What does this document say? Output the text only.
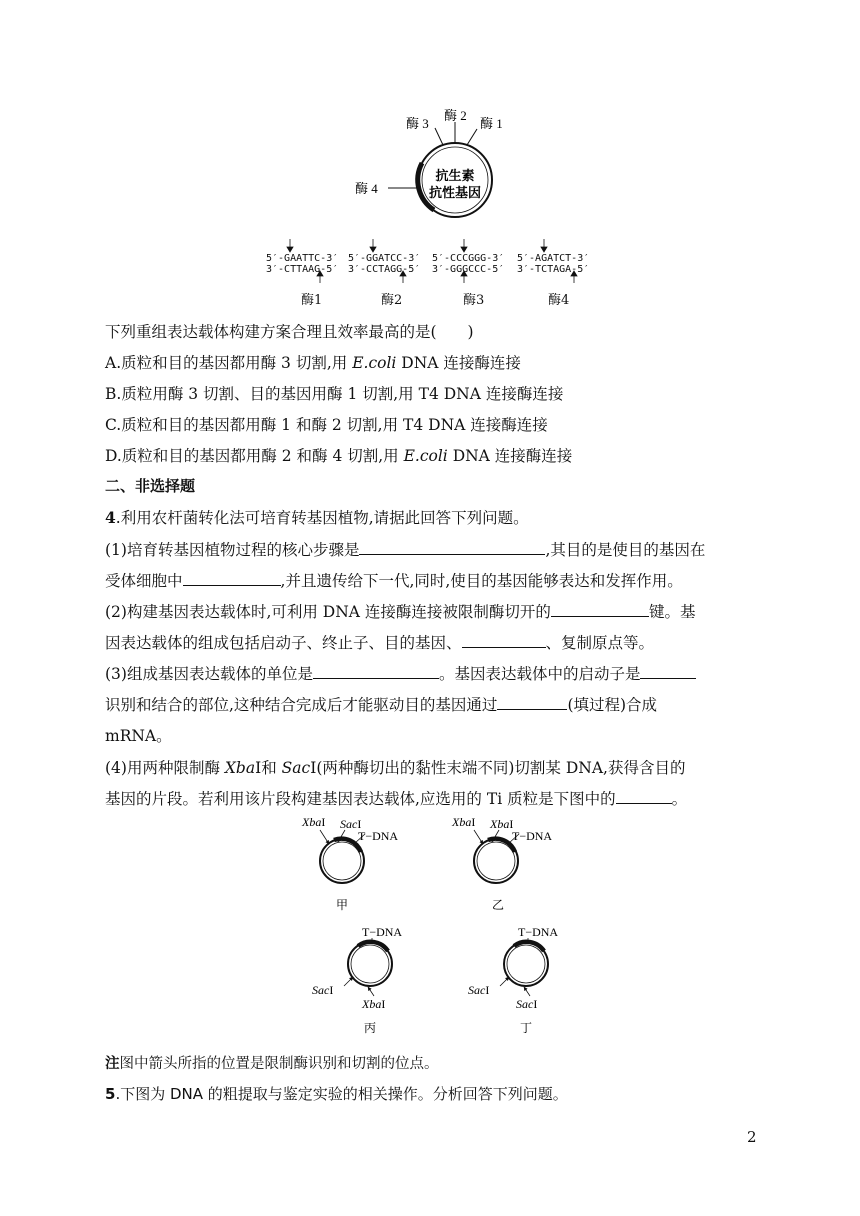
酶 3
酶 2
酶 1
酶 4
抗生素
抗性基因
5′-GAATTC-3′
3′-CTTAAG-5′
5′-GGATCC-3′
3′-CCTAGG-5′
5′-CCCGGG-3′
3′-GGGCCC-5′
5′-AGATCT-3′
3′-TCTAGA-5′
酶1	酶2	酶3	酶4
下列重组表达载体构建方案合理且效率最高的是(　　)
A.质粒和目的基因都用酶 3 切割,用 E.coli DNA 连接酶连接
B.质粒用酶 3 切割、目的基因用酶 1 切割,用 T4 DNA 连接酶连接
C.质粒和目的基因都用酶 1 和酶 2 切割,用 T4 DNA 连接酶连接
D.质粒和目的基因都用酶 2 和酶 4 切割,用 E.coli DNA 连接酶连接
二、非选择题
4.利用农杆菌转化法可培育转基因植物,请据此回答下列问题。
(1)培育转基因植物过程的核心步骤是	,其目的是使目的基因在
受体细胞中	,并且遗传给下一代,同时,使目的基因能够表达和发挥作用。
(2)构建基因表达载体时,可利用 DNA 连接酶连接被限制酶切开的	键。基
因表达载体的组成包括启动子、终止子、目的基因、	、复制原点等。
(3)组成基因表达载体的单位是	。基因表达载体中的启动子是
识别和结合的部位,这种结合完成后才能驱动目的基因通过	(填过程)合成
mRNA。
(4)用两种限制酶 XbaⅠ和 SacⅠ(两种酶切出的黏性末端不同)切割某 DNA,获得含目的
基因的片段。若利用该片段构建基因表达载体,应选用的 Ti 质粒是下图中的	。
XbaI SacI
T−DNA
甲
XbaI XbaI
T−DNA
乙
T−DNA
SacI
XbaI
丙
T−DNA
SacI
SacI
丁
注图中箭头所指的位置是限制酶识别和切割的位点。
5.下图为 DNA 的粗提取与鉴定实验的相关操作。分析回答下列问题。
2
